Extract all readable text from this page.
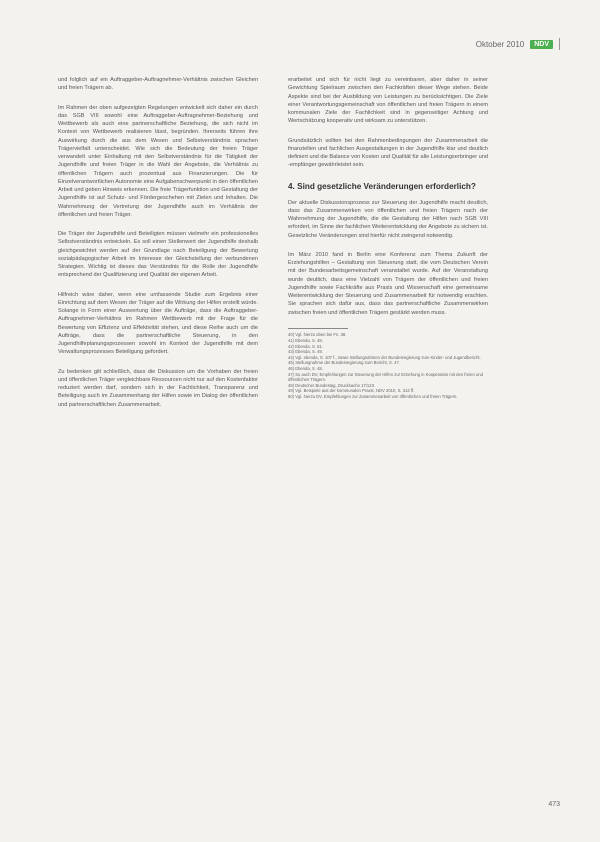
Oktober 2010	NDV

und folglich auf ein Auftraggeber-Auftragnehmer-Verhältnis zwischen Gleichen und freien Trägern ab.

Im Rahmen der oben aufgezeigten Regelungen entwickelt sich daher ein durch das SGB VIII sowohl eine Auftraggeber-Auftragnehmer-Beziehung und Wettbewerb als auch eine partnerschaftliche Beziehung, die sich nicht im Kontext von Wettbewerb realisieren lässt, begründen. Ihrerseits führen ihre Auswirkung durch die aus dem Wesen und Selbstverständnis sprachen Trägervielfalt unterscheidet. Wie sich die Bedeutung der freien Träger verwandelt unter Einhaltung mit den Selbstverständnis für die Tätigkeit der Jugendhilfe und freien Träger in die Wahl der Angebote, die Verhältnis zu öffentlichen Trägern auch prozentual aus Finanzierungen. Die für Einzelverantwortlichen Autonomie eine Aufgabenschwerpunkt in den öffentlichen Arbeit und geben Hinweis erkennen. Die freie Trägerfunktion und Gestaltung der Jugendhilfe ist auf Schutz- und Fördergeschehen mit Zielen und Inhalten. Die Wahrnehmung der Vertretung der Jugendhilfe auch im Verhältnis der öffentlichen und freien Träger.

Die Träger der Jugendhilfe und Beteiligten müssen vielmehr ein professionelles Selbstverständnis entwickeln. Es soll einen Stellenwert der Jugendhilfe deshalb gleichgewichtet werden auf der Grundlage nach Beteiligung der Bewertung sozialpädagogischer Arbeit im Interesse der Gleichstellung der verbundenen Strategien. Wichtig ist dieses das Verständnis für die Rolle der Jugendhilfe entsprechend der Qualifizierung und Qualität der eigenen Arbeit.

Hilfreich wäre daher, wenn eine umfassende Studie zum Ergebnis einer Einrichtung auf dem Wesen der Träger auf die Wirkung der Hilfen erstellt würde. Solange in Form einer Auswertung über die Aufträge, dass die Auftraggeber-Auftragnehmer-Verhältnis im Rahmen Wettbewerb mit der Frage für die Bewertung von Effizienz und Effektivität stehen, und diese Reihe auch um die Aufträge, dass die partnerschaftliche Steuerung, in den Jugendhilfeplanungsprozessen sowohl im Kontext der Jugendhilfe mit dem Verwaltungsprozesses Beteiligung gefordert.

Zu bedenken gilt schließlich, dass die Diskussion um die Vorhaben der freien und öffentlichen Träger vergleichbare Ressourcen nicht nur auf den Kostenfaktor reduziert werden darf, sondern sich in der Fachlichkeit, Transparenz und Beteiligung auch im Zusammenhang der Hilfen sowie im Dialog der öffentlichen und partnerschaftlichen Zusammenarbeit.

erarbeitet und sich für nicht liegt zu vereinbaren, aber daher in seiner Gewichtung Spielraum zwischen den Fachkräften dieser Wege stehen. Beide Aspekte sind bei der Ausbildung von Leistungen zu berücksichtigen. Die Ziele einer Verantwortungsgemeinschaft von öffentlichen und freien Trägern in einem kommunalen Ziele der Fachlichkeit sind in gegenseitiger Achtung und Wertschätzung kooperativ und wirksam zu unterstützen.

Grundsätzlich sollten bei den Rahmenbedingungen der Zusammenarbeit die finanziellen und fachlichen Ausgestaltungen in der Jugendhilfe klar und deutlich definiert und die Balance von Kosten und Qualität für alle Leistungserbringer und -empfänger gewährleistet sein.

4. Sind gesetzliche Veränderungen erforderlich?

Der aktuelle Diskussionsprozess zur Steuerung der Jugendhilfe macht deutlich, dass das Zusammenwirken von öffentlichen und freien Trägern nach der Wahrnehmung der Jugendhilfe, die die Gestaltung der Hilfen nach SGB VIII erfordert, im Sinne der fachlichen Weiterentwicklung der Angebote zu sichern ist. Gesetzliche Veränderungen sind hierfür nicht zwingend notwendig.

Im März 2010 fand in Berlin eine Konferenz zum Thema Zukunft der Erziehungshilfen – Gestaltung von Steuerung statt, die vom Deutschen Verein mit der Bundesarbeitsgemeinschaft veranstaltet wurde. Auf der Veranstaltung wurde deutlich, dass eine Vielzahl von Trägern der öffentlichen und freien Jugendhilfe sowie Fachkräfte aus Praxis und Wissenschaft eine gemeinsame Weiterentwicklung der Steuerung und Zusammenarbeit für notwendig erachten. Sie sprachen sich dafür aus, dass das partnerschaftliche Zusammenwirken zwischen freien und öffentlichen Trägern gestärkt werden muss.

40) Vgl. hierzu oben bei Fn. 38.

41) Ebenda, S. 48.

42) Ebenda, S. 51.

43) Ebenda, S. 49.

44) Vgl. ebenda, S. 107 f., sowie Stellungnahmen der Bundesregierung zum Kinder- und Jugendbericht.

45) Stellungnahme der Bundesregierung zum Bericht, S. 47.

46) Ebenda, S. 48.

47) So auch DV, Empfehlungen zur Steuerung der Hilfen zur Erziehung in Kooperation mit den freien und öffentlichen Trägern.

48) Deutscher Bundestag, Drucksache 17/123.

49) Vgl. Beispiele aus der kommunalen Praxis, NDV 2010, S. 312 ff.

50) Vgl. hierzu DV, Empfehlungen zur Zusammenarbeit von öffentlichen und freien Trägern.

473
